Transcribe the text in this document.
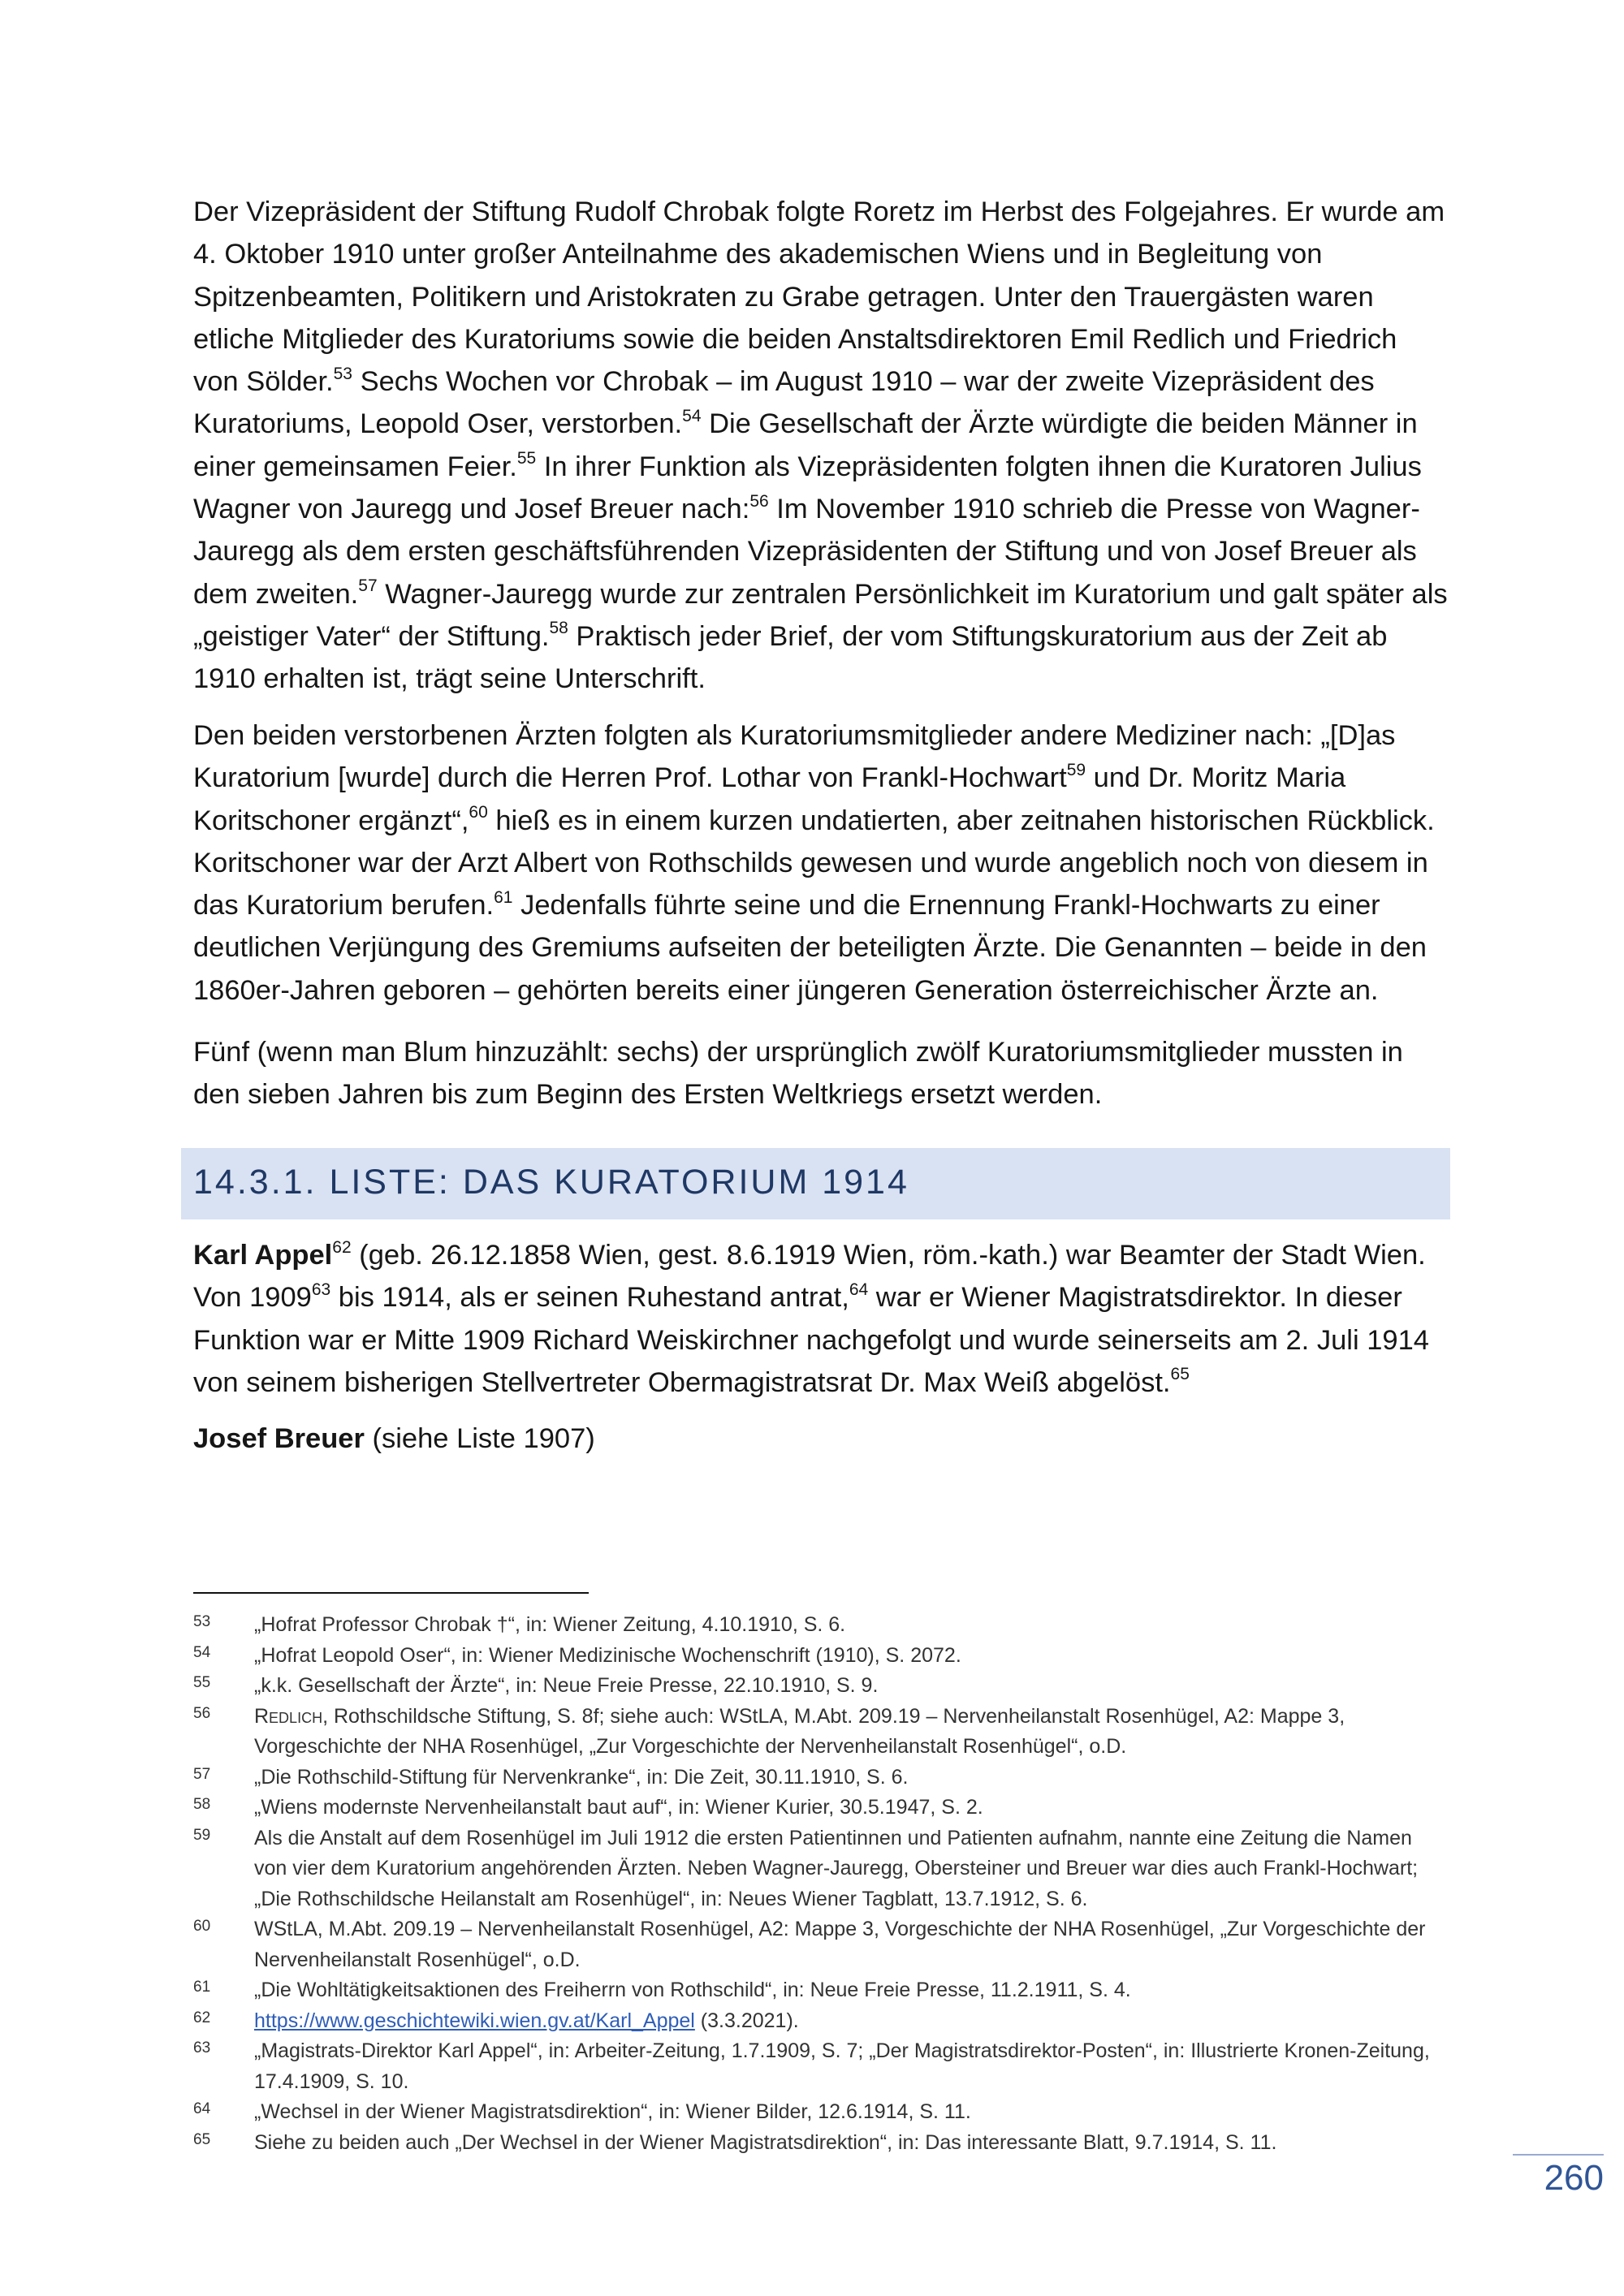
Der Vizepräsident der Stiftung Rudolf Chrobak folgte Roretz im Herbst des Folgejahres. Er wurde am 4. Oktober 1910 unter großer Anteilnahme des akademischen Wiens und in Begleitung von Spitzenbeamten, Politikern und Aristokraten zu Grabe getragen. Unter den Trauergästen waren etliche Mitglieder des Kuratoriums sowie die beiden Anstaltsdirektoren Emil Redlich und Friedrich von Sölder.$^{53}$ Sechs Wochen vor Chrobak – im August 1910 – war der zweite Vizepräsident des Kuratoriums, Leopold Oser, verstorben.$^{54}$ Die Gesellschaft der Ärzte würdigte die beiden Männer in einer gemeinsamen Feier.$^{55}$ In ihrer Funktion als Vizepräsidenten folgten ihnen die Kuratoren Julius Wagner von Jauregg und Josef Breuer nach:$^{56}$ Im November 1910 schrieb die Presse von Wagner-Jauregg als dem ersten geschäftsführenden Vizepräsidenten der Stiftung und von Josef Breuer als dem zweiten.$^{57}$ Wagner-Jauregg wurde zur zentralen Persönlichkeit im Kuratorium und galt später als „geistiger Vater“ der Stiftung.$^{58}$ Praktisch jeder Brief, der vom Stiftungskuratorium aus der Zeit ab 1910 erhalten ist, trägt seine Unterschrift.

Den beiden verstorbenen Ärzten folgten als Kuratoriumsmitglieder andere Mediziner nach: „[D]as Kuratorium [wurde] durch die Herren Prof. Lothar von Frankl-Hochwart$^{59}$ und Dr. Moritz Maria Koritschoner ergänzt“,$^{60}$ hieß es in einem kurzen undatierten, aber zeitnahen historischen Rückblick. Koritschoner war der Arzt Albert von Rothschilds gewesen und wurde angeblich noch von diesem in das Kuratorium berufen.$^{61}$ Jedenfalls führte seine und die Ernennung Frankl-Hochwarts zu einer deutlichen Verjüngung des Gremiums aufseiten der beteiligten Ärzte. Die Genannten – beide in den 1860er-Jahren geboren – gehörten bereits einer jüngeren Generation österreichischer Ärzte an.

Fünf (wenn man Blum hinzuzählt: sechs) der ursprünglich zwölf Kuratoriumsmitglieder mussten in den sieben Jahren bis zum Beginn des Ersten Weltkriegs ersetzt werden.

14.3.1. LISTE: DAS KURATORIUM 1914
Karl Appel$^{62}$ (geb. 26.12.1858 Wien, gest. 8.6.1919 Wien, röm.-kath.) war Beamter der Stadt Wien. Von 1909$^{63}$ bis 1914, als er seinen Ruhestand antrat,$^{64}$ war er Wiener Magistratsdirektor. In dieser Funktion war er Mitte 1909 Richard Weiskirchner nachgefolgt und wurde seinerseits am 2. Juli 1914 von seinem bisherigen Stellvertreter Obermagistratsrat Dr. Max Weiß abgelöst.$^{65}$
Josef Breuer (siehe Liste 1907)
53	„Hofrat Professor Chrobak †“, in: Wiener Zeitung, 4.10.1910, S. 6.
54	„Hofrat Leopold Oser“, in: Wiener Medizinische Wochenschrift (1910), S. 2072.
55	„k.k. Gesellschaft der Ärzte“, in: Neue Freie Presse, 22.10.1910, S. 9.
56	Redlich, Rothschildsche Stiftung, S. 8f; siehe auch: WStLA, M.Abt. 209.19 – Nervenheilanstalt Rosenhügel, A2: Mappe 3, Vorgeschichte der NHA Rosenhügel, „Zur Vorgeschichte der Nervenheilanstalt Rosenhügel“, o.D.
57	„Die Rothschild-Stiftung für Nervenkranke“, in: Die Zeit, 30.11.1910, S. 6.
58	„Wiens modernste Nervenheilanstalt baut auf“, in: Wiener Kurier, 30.5.1947, S. 2.
59	Als die Anstalt auf dem Rosenhügel im Juli 1912 die ersten Patientinnen und Patienten aufnahm, nannte eine Zeitung die Namen von vier dem Kuratorium angehörenden Ärzten. Neben Wagner-Jauregg, Obersteiner und Breuer war dies auch Frankl-Hochwart; „Die Rothschildsche Heilanstalt am Rosenhügel“, in: Neues Wiener Tagblatt, 13.7.1912, S. 6.
60	WStLA, M.Abt. 209.19 – Nervenheilanstalt Rosenhügel, A2: Mappe 3, Vorgeschichte der NHA Rosenhügel, „Zur Vorgeschichte der Nervenheilanstalt Rosenhügel“, o.D.
61	„Die Wohltätigkeitsaktionen des Freiherrn von Rothschild“, in: Neue Freie Presse, 11.2.1911, S. 4.
62	https://www.geschichtewiki.wien.gv.at/Karl_Appel (3.3.2021).
63	„Magistrats-Direktor Karl Appel“, in: Arbeiter-Zeitung, 1.7.1909, S. 7; „Der Magistratsdirektor-Posten“, in: Illustrierte Kronen-Zeitung, 17.4.1909, S. 10.
64	„Wechsel in der Wiener Magistratsdirektion“, in: Wiener Bilder, 12.6.1914, S. 11.
65	Siehe zu beiden auch „Der Wechsel in der Wiener Magistratsdirektion“, in: Das interessante Blatt, 9.7.1914, S. 11.
260
